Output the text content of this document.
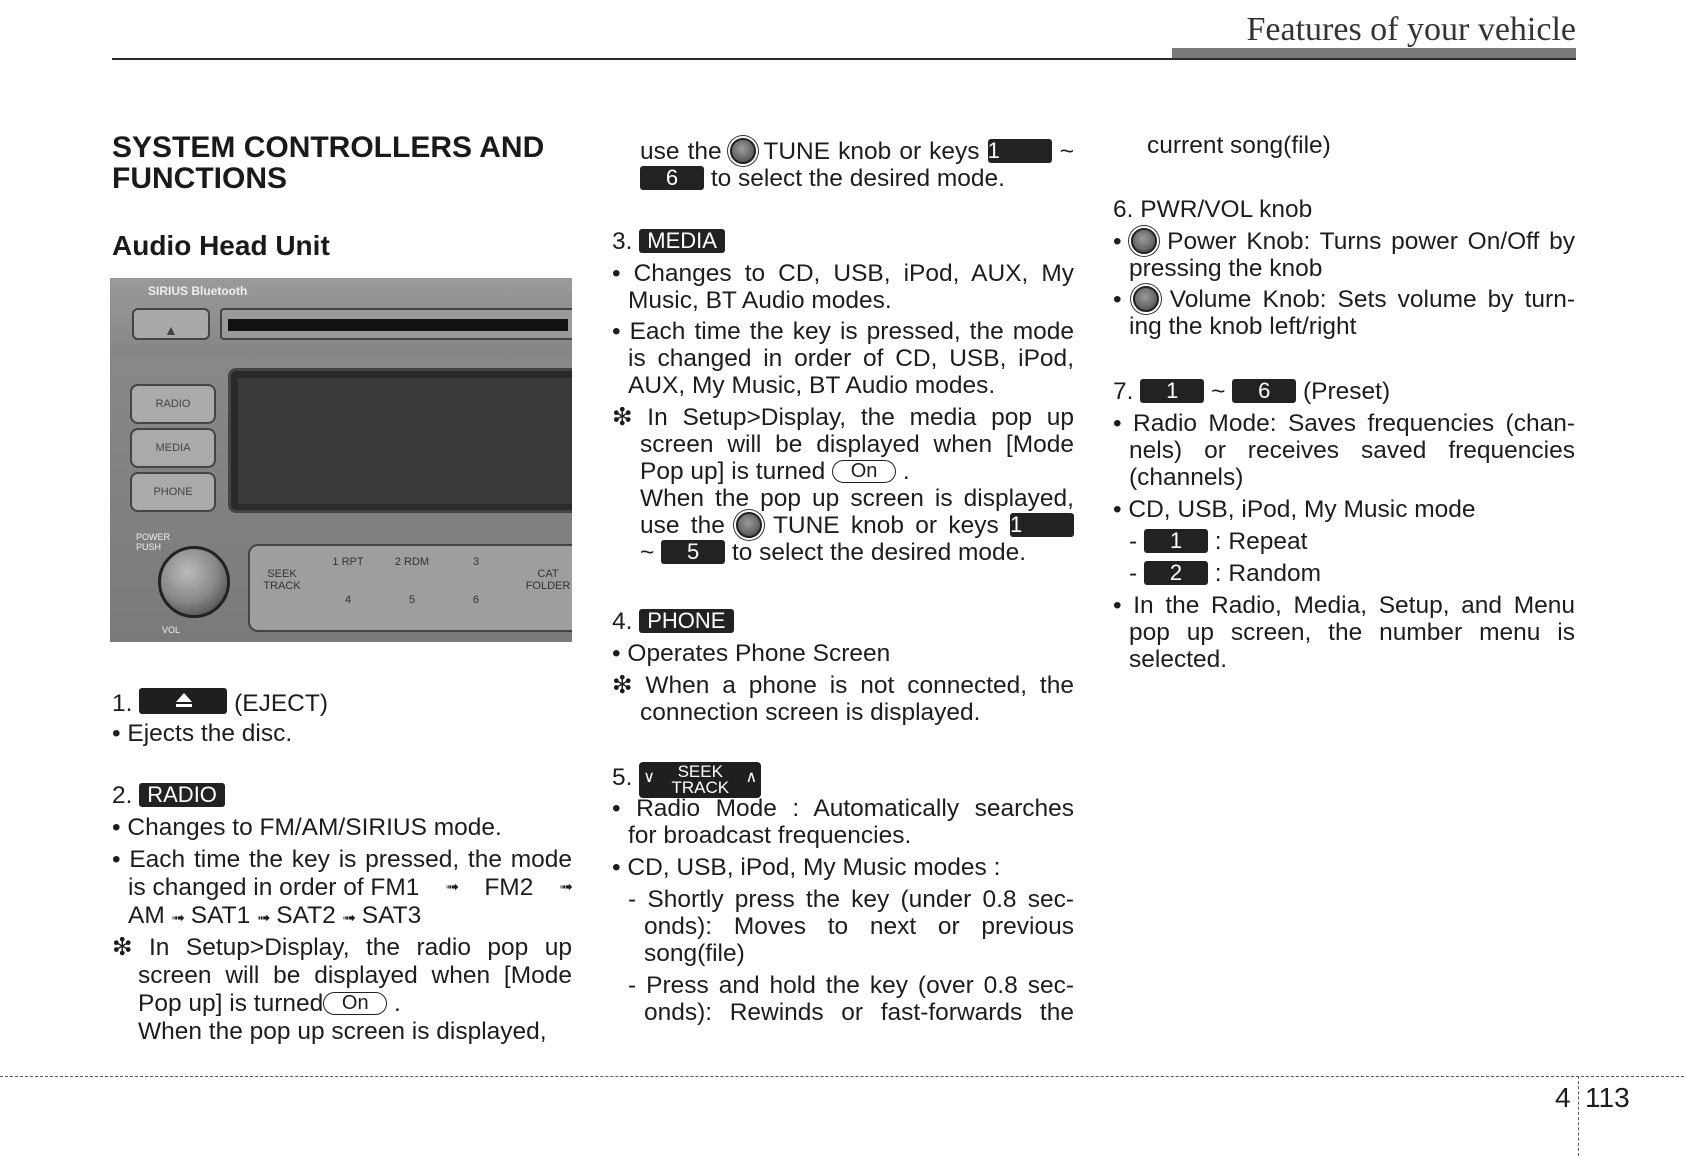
Features of your vehicle
SYSTEM CONTROLLERS AND
FUNCTIONS
Audio Head Unit
1.	(EJECT)
• Ejects the disc.
2. RADIO
• Changes to FM/AM/SIRIUS mode.
• Each time the key is pressed, the mode
is changed in order of FM1 ➟ FM2 ➟
AM ➟ SAT1 ➟ SAT2 ➟ SAT3
❇ In Setup>Display, the radio pop up
screen will be displayed when [Mode
Pop up] is turned On .
When the pop up screen is displayed,
SIRIUS Bluetooth
▲
RADIO
MEDIA
PHONE
POWER
PUSH
VOL
SEEK
TRACK
1 RPT	2 RDM	3
4	5	6
CAT
FOLDER
use the TUNE knob or keys 1 ~
6 to select the desired mode.
3. MEDIA
• Changes to CD, USB, iPod, AUX, My
Music, BT Audio modes.
• Each time the key is pressed, the mode
is changed in order of CD, USB, iPod,
AUX, My Music, BT Audio modes.
❇ In Setup>Display, the media pop up
screen will be displayed when [Mode
Pop up] is turned On .
When the pop up screen is displayed,
use the TUNE knob or keys 1
~ 5 to select the desired mode.
4. PHONE
• Operates Phone Screen
❇ When a phone is not connected, the
connection screen is displayed.
5. ∨ SEEK
TRACK
∧
• Radio Mode : Automatically searches
for broadcast frequencies.
• CD, USB, iPod, My Music modes :
- Shortly press the key (under 0.8 sec-
onds): Moves to next or previous
song(file)
- Press and hold the key (over 0.8 sec-
onds): Rewinds or fast-forwards the
current song(file)
6. PWR/VOL knob
• Power Knob: Turns power On/Off by
pressing the knob
• Volume Knob: Sets volume by turn-
ing the knob left/right
7. 1 ~ 6 (Preset)
• Radio Mode: Saves frequencies (chan-
nels) or receives saved frequencies
(channels)
• CD, USB, iPod, My Music mode
- 1 : Repeat
- 2 : Random
• In the Radio, Media, Setup, and Menu
pop up screen, the number menu is
selected.
4 113
